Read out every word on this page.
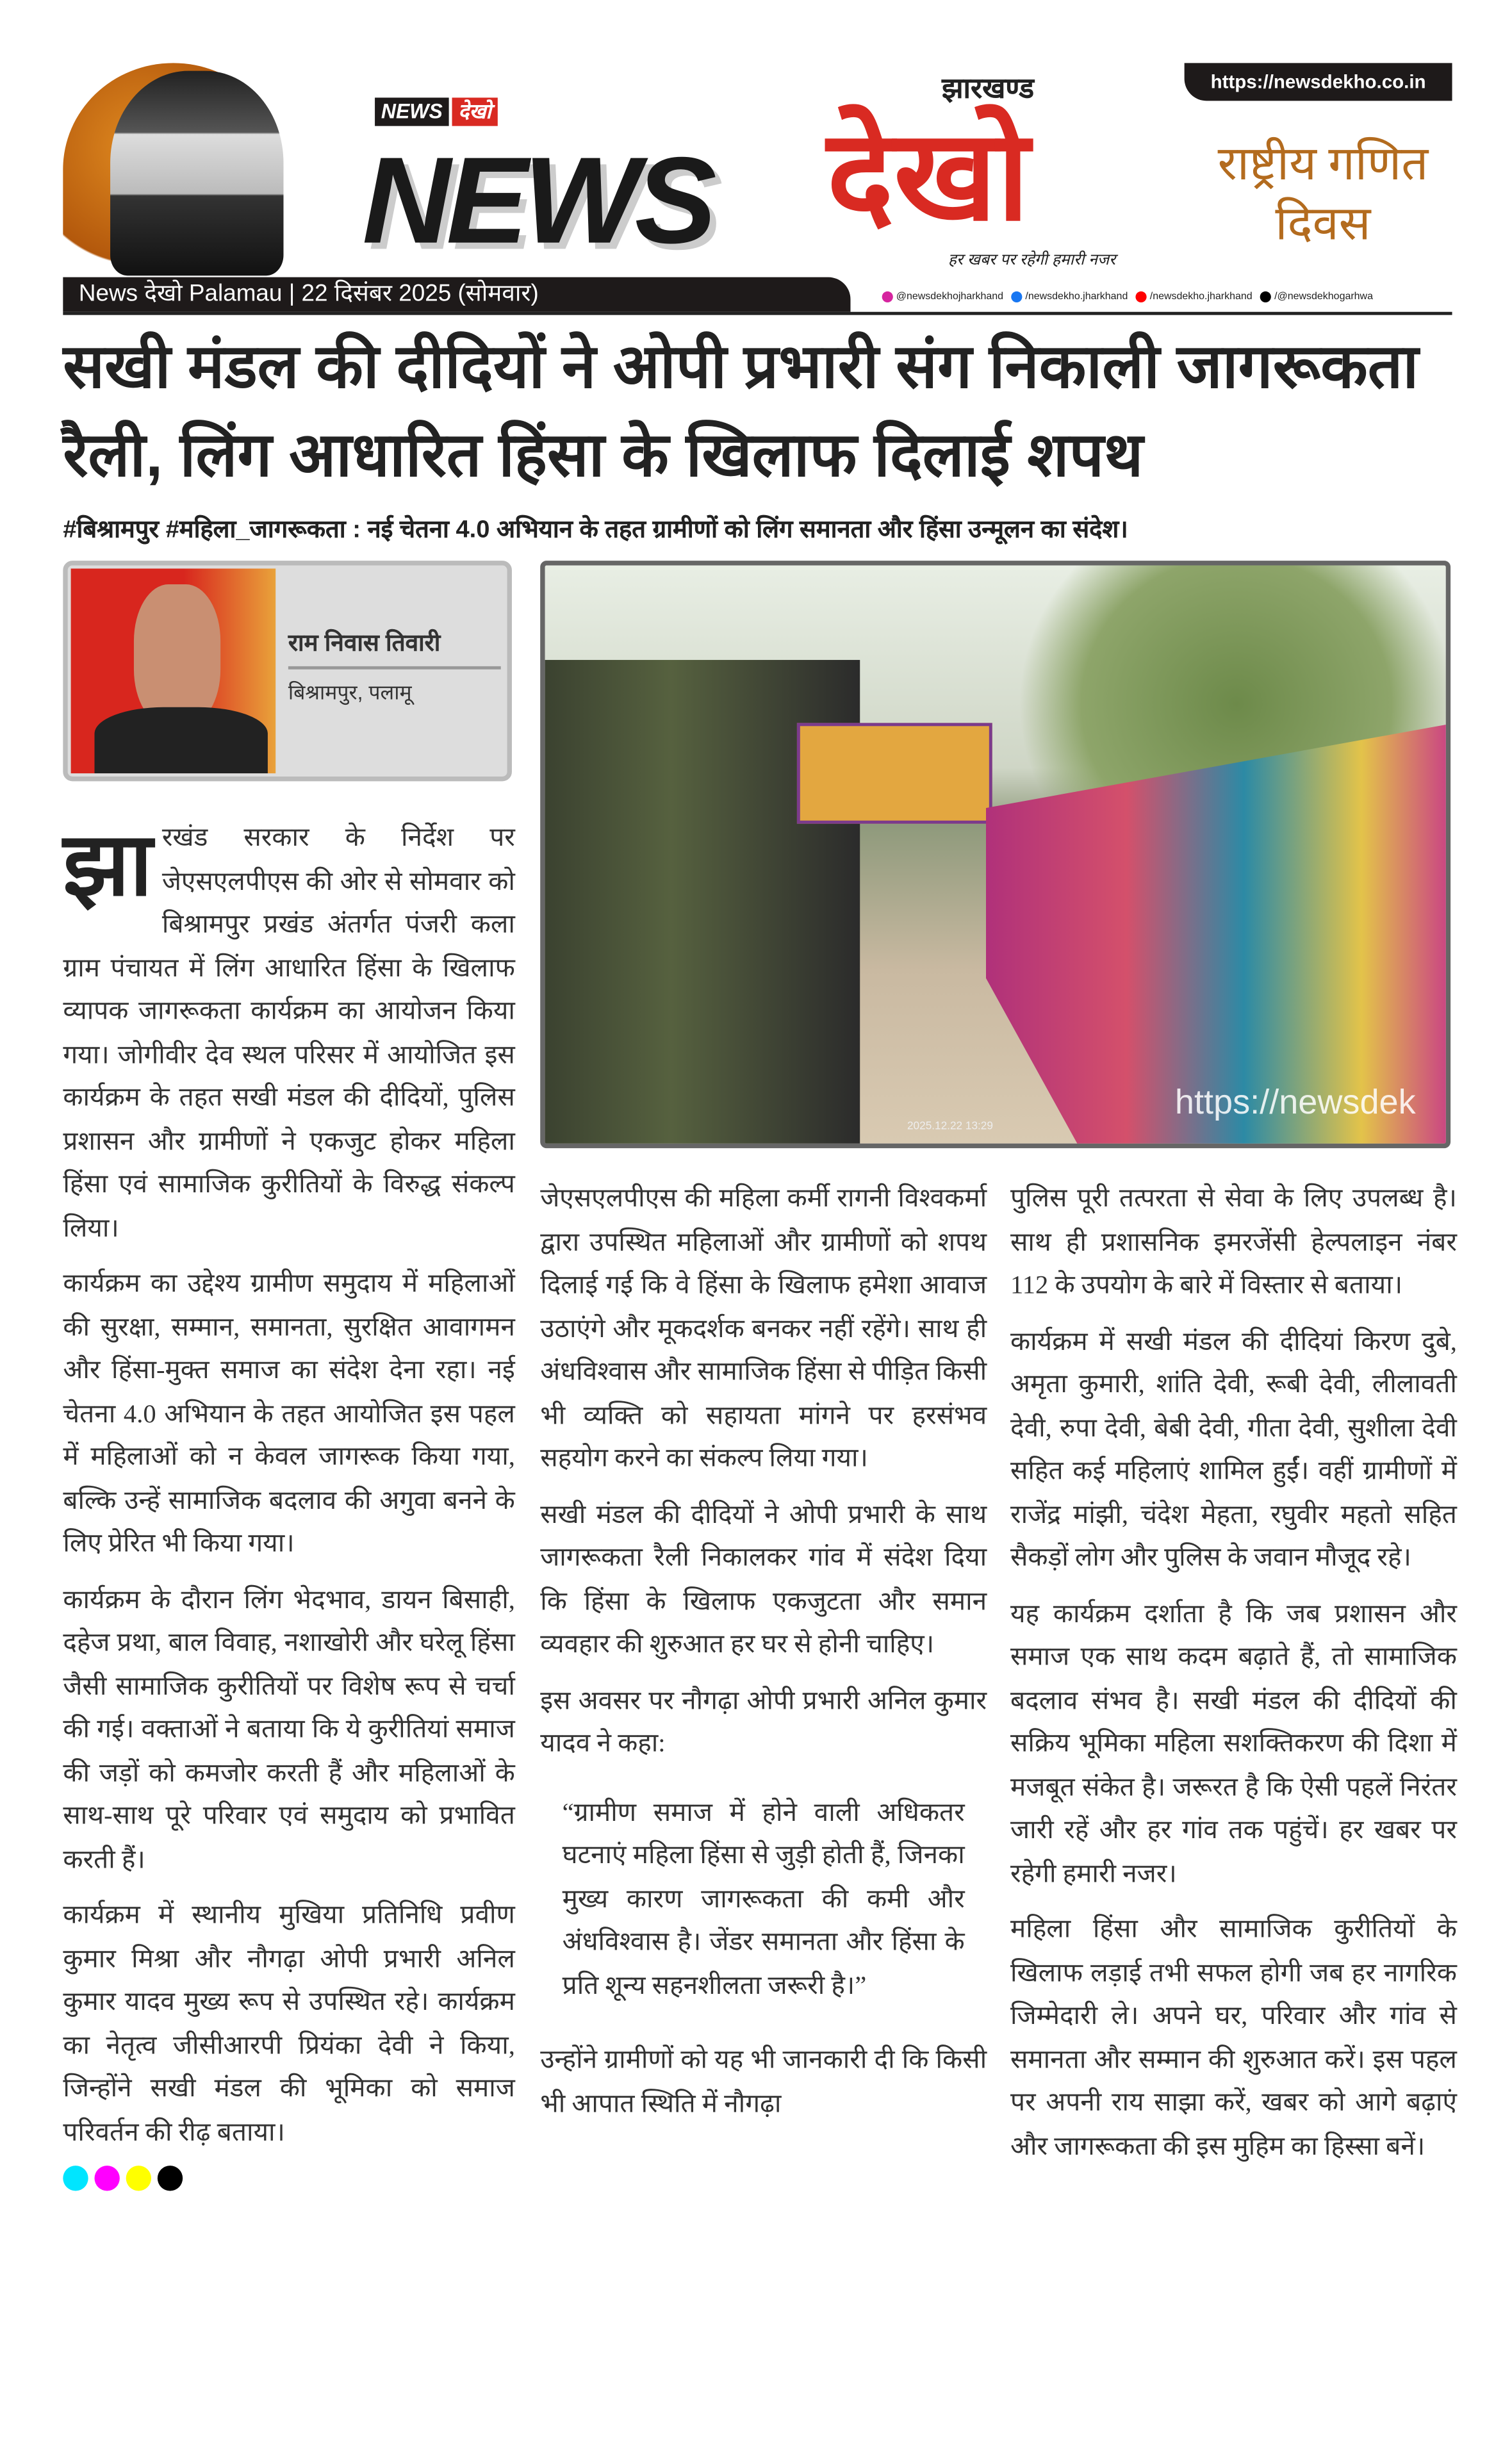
NEWS	देखो
झारखण्ड
NEWS देखो
हर खबर पर रहेगी हमारी नजर
https://newsdekho.co.in
राष्ट्रीय गणित दिवस
News देखो Palamau | 22 दिसंबर 2025 (सोमवार)	@newsdekhojharkhand	/newsdekho.jharkhand	/newsdekho.jharkhand	/@newsdekhogarhwa
सखी मंडल की दीदियों ने ओपी प्रभारी संग निकाली जागरूकता रैली, लिंग आधारित हिंसा के खिलाफ दिलाई शपथ
#बिश्रामपुर #महिला_जागरूकता : नई चेतना 4.0 अभियान के तहत ग्रामीणों को लिंग समानता और हिंसा उन्मूलन का संदेश।
राम निवास तिवारी
बिश्रामपुर, पलामू

झारखंड सरकार के निर्देश पर जेएसएलपीएस की ओर से सोमवार को बिश्रामपुर प्रखंड अंतर्गत पंजरी कला ग्राम पंचायत में लिंग आधारित हिंसा के खिलाफ व्यापक जागरूकता कार्यक्रम का आयोजन किया गया। जोगीवीर देव स्थल परिसर में आयोजित इस कार्यक्रम के तहत सखी मंडल की दीदियों, पुलिस प्रशासन और ग्रामीणों ने एकजुट होकर महिला हिंसा एवं सामाजिक कुरीतियों के विरुद्ध संकल्प लिया।

कार्यक्रम का उद्देश्य ग्रामीण समुदाय में महिलाओं की सुरक्षा, सम्मान, समानता, सुरक्षित आवागमन और हिंसा-मुक्त समाज का संदेश देना रहा। नई चेतना 4.0 अभियान के तहत आयोजित इस पहल में महिलाओं को न केवल जागरूक किया गया, बल्कि उन्हें सामाजिक बदलाव की अगुवा बनने के लिए प्रेरित भी किया गया।

कार्यक्रम के दौरान लिंग भेदभाव, डायन बिसाही, दहेज प्रथा, बाल विवाह, नशाखोरी और घरेलू हिंसा जैसी सामाजिक कुरीतियों पर विशेष रूप से चर्चा की गई। वक्ताओं ने बताया कि ये कुरीतियां समाज की जड़ों को कमजोर करती हैं और महिलाओं के साथ-साथ पूरे परिवार एवं समुदाय को प्रभावित करती हैं।

कार्यक्रम में स्थानीय मुखिया प्रतिनिधि प्रवीण कुमार मिश्रा और नौगढ़ा ओपी प्रभारी अनिल कुमार यादव मुख्य रूप से उपस्थित रहे। कार्यक्रम का नेतृत्व जीसीआरपी प्रियंका देवी ने किया, जिन्होंने सखी मंडल की भूमिका को समाज परिवर्तन की रीढ़ बताया।

2025.12.22 13:29
https://newsdek

जेएसएलपीएस की महिला कर्मी रागनी विश्वकर्मा द्वारा उपस्थित महिलाओं और ग्रामीणों को शपथ दिलाई गई कि वे हिंसा के खिलाफ हमेशा आवाज उठाएंगे और मूकदर्शक बनकर नहीं रहेंगे। साथ ही अंधविश्वास और सामाजिक हिंसा से पीड़ित किसी भी व्यक्ति को सहायता मांगने पर हरसंभव सहयोग करने का संकल्प लिया गया।

सखी मंडल की दीदियों ने ओपी प्रभारी के साथ जागरूकता रैली निकालकर गांव में संदेश दिया कि हिंसा के खिलाफ एकजुटता और समान व्यवहार की शुरुआत हर घर से होनी चाहिए।

इस अवसर पर नौगढ़ा ओपी प्रभारी अनिल कुमार यादव ने कहा:

“ग्रामीण समाज में होने वाली अधिकतर घटनाएं महिला हिंसा से जुड़ी होती हैं, जिनका मुख्य कारण जागरूकता की कमी और अंधविश्वास है। जेंडर समानता और हिंसा के प्रति शून्य सहनशीलता जरूरी है।”

उन्होंने ग्रामीणों को यह भी जानकारी दी कि किसी भी आपात स्थिति में नौगढ़ा

पुलिस पूरी तत्परता से सेवा के लिए उपलब्ध है। साथ ही प्रशासनिक इमरजेंसी हेल्पलाइन नंबर 112 के उपयोग के बारे में विस्तार से बताया।

कार्यक्रम में सखी मंडल की दीदियां किरण दुबे, अमृता कुमारी, शांति देवी, रूबी देवी, लीलावती देवी, रुपा देवी, बेबी देवी, गीता देवी, सुशीला देवी सहित कई महिलाएं शामिल हुईं। वहीं ग्रामीणों में राजेंद्र मांझी, चंदेश मेहता, रघुवीर महतो सहित सैकड़ों लोग और पुलिस के जवान मौजूद रहे।

यह कार्यक्रम दर्शाता है कि जब प्रशासन और समाज एक साथ कदम बढ़ाते हैं, तो सामाजिक बदलाव संभव है। सखी मंडल की दीदियों की सक्रिय भूमिका महिला सशक्तिकरण की दिशा में मजबूत संकेत है। जरूरत है कि ऐसी पहलें निरंतर जारी रहें और हर गांव तक पहुंचें। हर खबर पर रहेगी हमारी नजर।

महिला हिंसा और सामाजिक कुरीतियों के खिलाफ लड़ाई तभी सफल होगी जब हर नागरिक जिम्मेदारी ले। अपने घर, परिवार और गांव से समानता और सम्मान की शुरुआत करें। इस पहल पर अपनी राय साझा करें, खबर को आगे बढ़ाएं और जागरूकता की इस मुहिम का हिस्सा बनें।
